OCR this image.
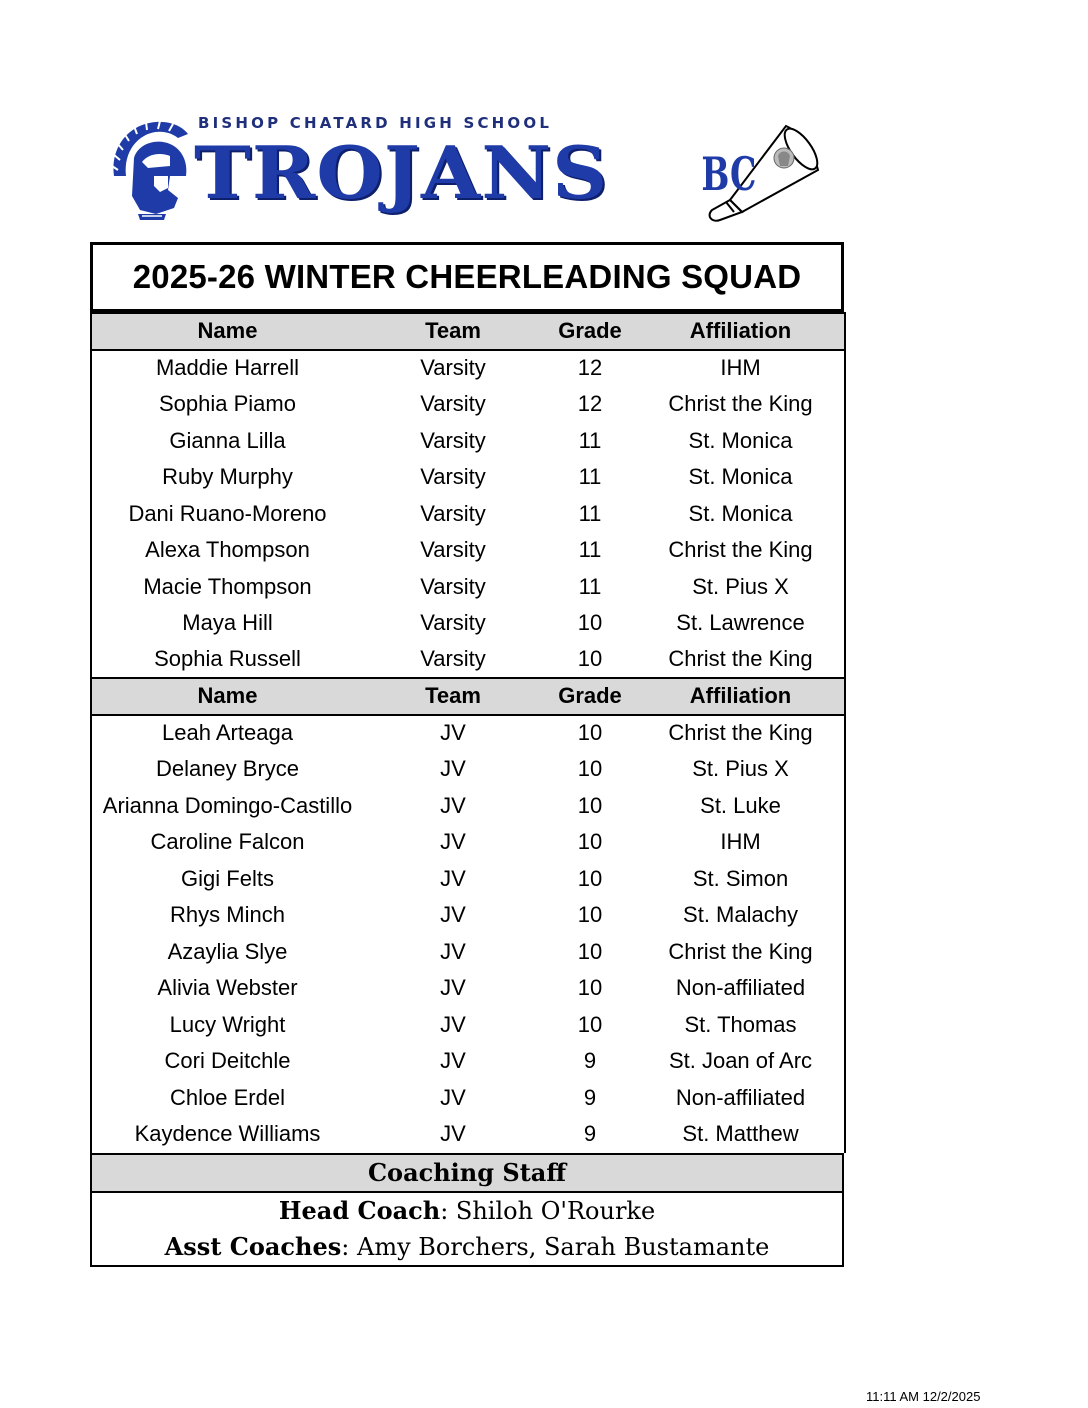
BISHOP CHATARD HIGH SCHOOL
TROJANS BC
2025-26 WINTER CHEERLEADING SQUAD
Name	Team	Grade	Affiliation
Maddie Harrell	Varsity	12	IHM
Sophia Piamo	Varsity	12	Christ the King
Gianna Lilla	Varsity	11	St. Monica
Ruby Murphy	Varsity	11	St. Monica
Dani Ruano-Moreno	Varsity	11	St. Monica
Alexa Thompson	Varsity	11	Christ the King
Macie Thompson	Varsity	11	St. Pius X
Maya Hill	Varsity	10	St. Lawrence
Sophia Russell	Varsity	10	Christ the King
Name	Team	Grade	Affiliation
Leah Arteaga	JV	10	Christ the King
Delaney Bryce	JV	10	St. Pius X
Arianna Domingo-Castillo	JV	10	St. Luke
Caroline Falcon	JV	10	IHM
Gigi Felts	JV	10	St. Simon
Rhys Minch	JV	10	St. Malachy
Azaylia Slye	JV	10	Christ the King
Alivia Webster	JV	10	Non-affiliated
Lucy Wright	JV	10	St. Thomas
Cori Deitchle	JV	9	St. Joan of Arc
Chloe Erdel	JV	9	Non-affiliated
Kaydence Williams	JV	9	St. Matthew
Coaching Staff
Head Coach: Shiloh O'Rourke
Asst Coaches: Amy Borchers, Sarah Bustamante
11:11 AM 12/2/2025
